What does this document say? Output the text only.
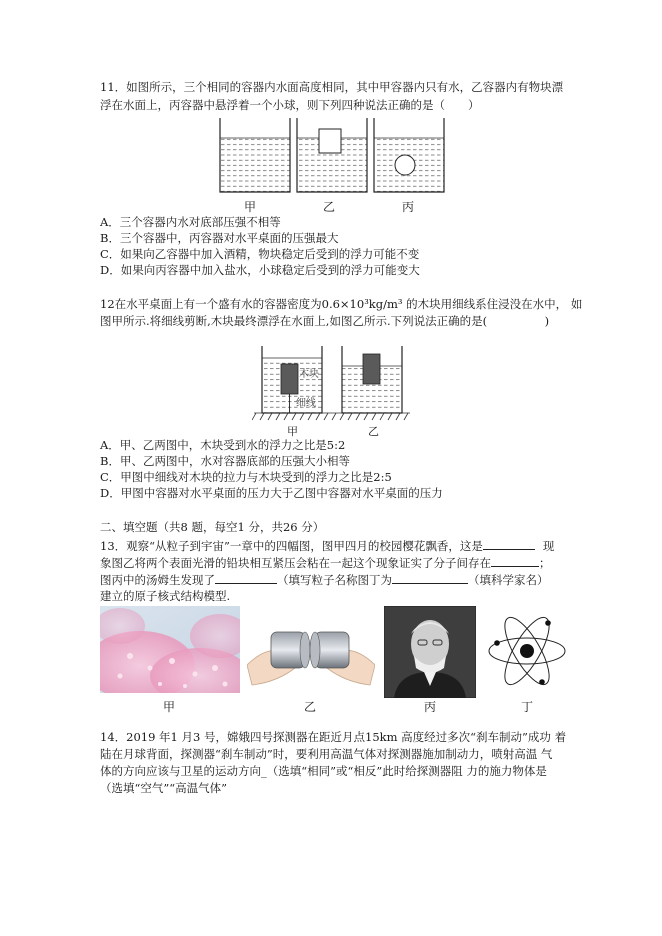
11．如图所示，三个相同的容器内水面高度相同，其中甲容器内只有水，乙容器内有物块漂
浮在水面上，丙容器中悬浮着一个小球，则下列四种说法正确的是（　　）
甲	乙	丙
A．三个容器内水对底部压强不相等
B．三个容器中，丙容器对水平桌面的压强最大
C．如果向乙容器中加入酒精，物块稳定后受到的浮力可能不变
D．如果向丙容器中加入盐水，小球稳定后受到的浮力可能变大
12在水平桌面上有一个盛有水的容器密度为0.6×10³kg/m³ 的木块用细线系住浸没在水中， 如
图甲所示.将细线剪断,木块最终漂浮在水面上,如图乙所示.下列说法正确的是(　　　　　)
木块
细线
甲	乙
A．甲、乙两图中，木块受到水的浮力之比是5:2
B．甲、乙两图中，水对容器底部的压强大小相等
C．甲图中细线对木块的拉力与木块受到的浮力之比是2:5
D．甲图中容器对水平桌面的压力大于乙图中容器对水平桌面的压力
二、填空题（共8 题，每空1 分，共26 分）
13．观察“从粒子到宇宙”一章中的四幅图，图甲四月的校园樱花飘香，这是	现
象图乙将两个表面光滑的铅块相互紧压会粘在一起这个现象证实了分子间存在	；
图丙中的汤姆生发现了	（填写粒子名称图丁为	（填科学家名）
建立的原子核式结构模型.
甲	乙	丙	丁
14．2019 年1 月3 号，嫦娥四号探测器在距近月点15km 高度经过多次“刹车制动”成功 着
陆在月球背面，探测器“刹车制动”时，要利用高温气体对探测器施加制动力，喷射高温 气
体的方向应该与卫星的运动方向_（选填“相同”或“相反”此时给探测器阻 力的施力物体是
（选填“空气”“高温气体”
